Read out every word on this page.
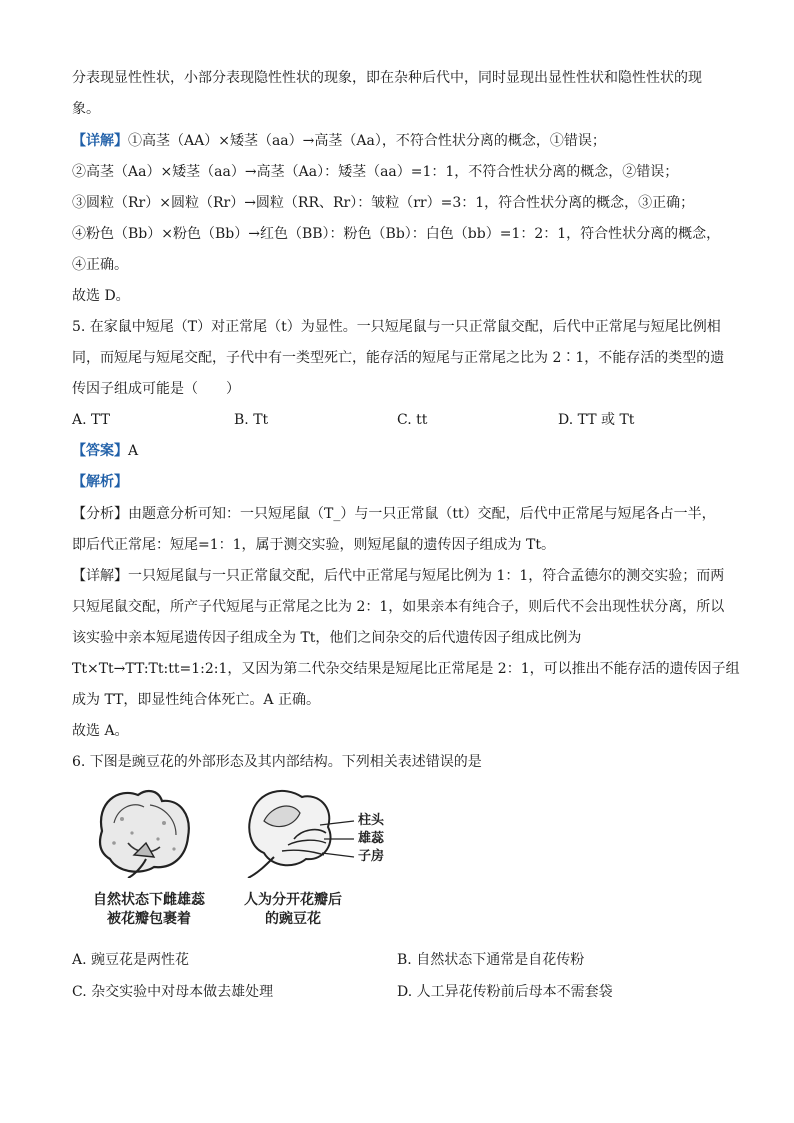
分表现显性性状，小部分表现隐性性状的现象，即在杂种后代中，同时显现出显性性状和隐性性状的现
象。
【详解】①高茎（AA）×矮茎（aa）→高茎（Aa），不符合性状分离的概念，①错误；
②高茎（Aa）×矮茎（aa）→高茎（Aa）：矮茎（aa）=1：1，不符合性状分离的概念，②错误；
③圆粒（Rr）×圆粒（Rr）→圆粒（RR、Rr）：皱粒（rr）=3：1，符合性状分离的概念，③正确；
④粉色（Bb）×粉色（Bb）→红色（BB）：粉色（Bb）：白色（bb）=1：2：1，符合性状分离的概念，
④正确。
故选 D。
5. 在家鼠中短尾（T）对正常尾（t）为显性。一只短尾鼠与一只正常鼠交配，后代中正常尾与短尾比例相
同，而短尾与短尾交配，子代中有一类型死亡，能存活的短尾与正常尾之比为 2∶1，不能存活的类型的遗
传因子组成可能是（　　）
A. TT	B. Tt	C. tt	D. TT 或 Tt
【答案】A
【解析】
【分析】由题意分析可知：一只短尾鼠（T_）与一只正常鼠（tt）交配，后代中正常尾与短尾各占一半，
即后代正常尾：短尾=1：1，属于测交实验，则短尾鼠的遗传因子组成为 Tt。
【详解】一只短尾鼠与一只正常鼠交配，后代中正常尾与短尾比例为 1：1，符合孟德尔的测交实验；而两
只短尾鼠交配，所产子代短尾与正常尾之比为 2：1，如果亲本有纯合子，则后代不会出现性状分离，所以
该实验中亲本短尾遗传因子组成全为 Tt，他们之间杂交的后代遗传因子组成比例为
Tt×Tt→TT:Tt:tt=1:2:1，又因为第二代杂交结果是短尾比正常尾是 2：1，可以推出不能存活的遗传因子组
成为 TT，即显性纯合体死亡。A 正确。
故选 A。
6. 下图是豌豆花的外部形态及其内部结构。下列相关表述错误的是
柱头
雄蕊
子房
自然状态下雌雄蕊
被花瓣包裹着
人为分开花瓣后
的豌豆花
A. 豌豆花是两性花	B. 自然状态下通常是自花传粉
C. 杂交实验中对母本做去雄处理	D. 人工异花传粉前后母本不需套袋
